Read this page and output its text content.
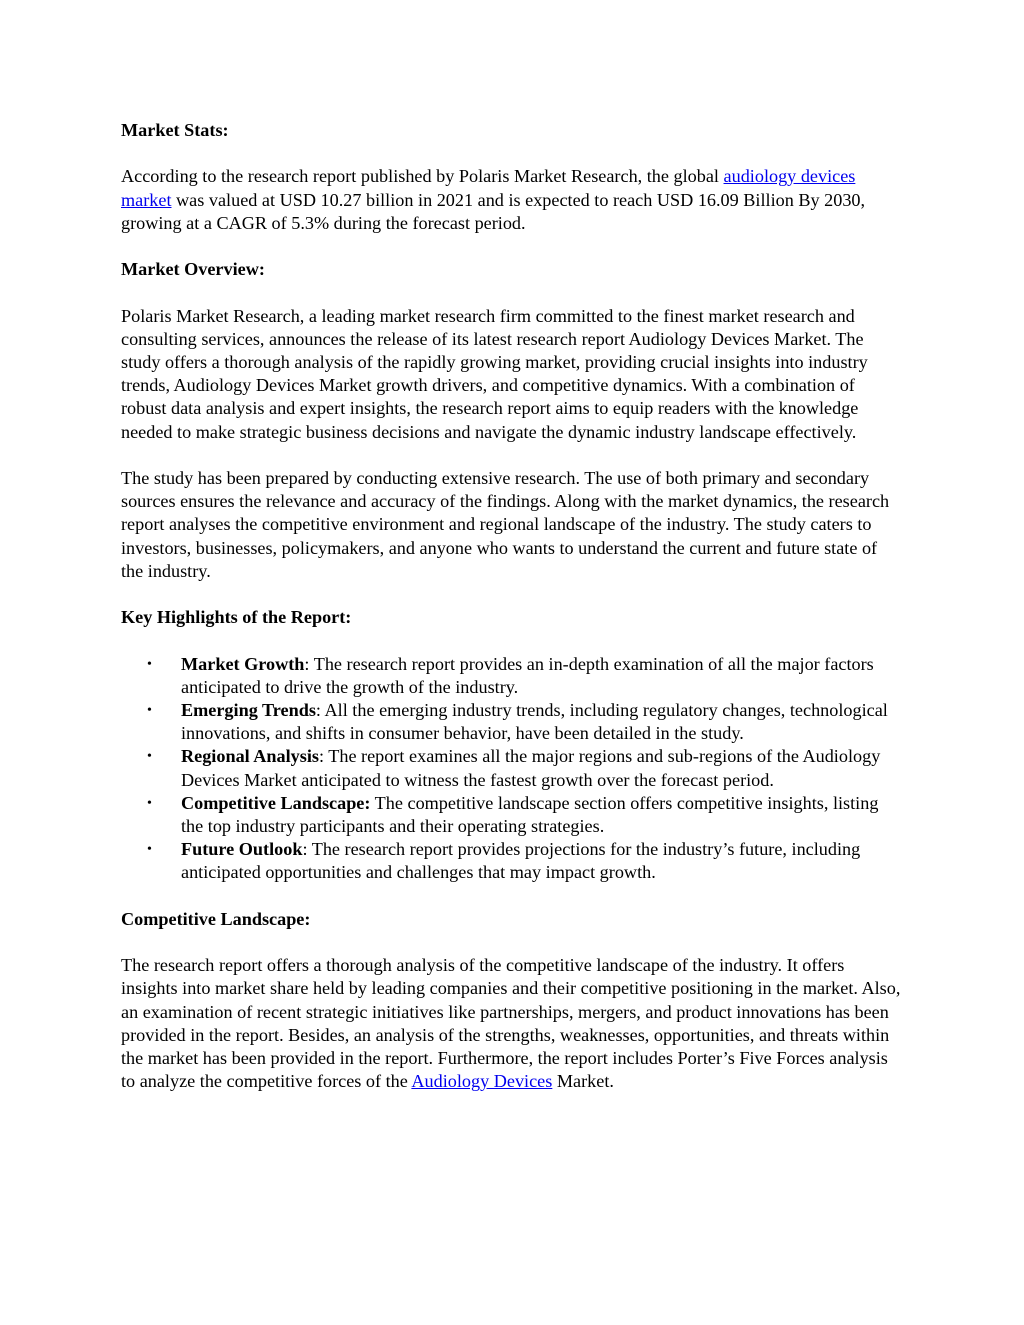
Market Stats:

According to the research report published by Polaris Market Research, the global audiology devices market was valued at USD 10.27 billion in 2021 and is expected to reach USD 16.09 Billion By 2030, growing at a CAGR of 5.3% during the forecast period.

Market Overview:

Polaris Market Research, a leading market research firm committed to the finest market research and consulting services, announces the release of its latest research report Audiology Devices Market. The study offers a thorough analysis of the rapidly growing market, providing crucial insights into industry trends, Audiology Devices Market growth drivers, and competitive dynamics. With a combination of robust data analysis and expert insights, the research report aims to equip readers with the knowledge needed to make strategic business decisions and navigate the dynamic industry landscape effectively.

The study has been prepared by conducting extensive research. The use of both primary and secondary sources ensures the relevance and accuracy of the findings. Along with the market dynamics, the research report analyses the competitive environment and regional landscape of the industry. The study caters to investors, businesses, policymakers, and anyone who wants to understand the current and future state of the industry.

Key Highlights of the Report:
• Market Growth: The research report provides an in-depth examination of all the major factors anticipated to drive the growth of the industry.
• Emerging Trends: All the emerging industry trends, including regulatory changes, technological innovations, and shifts in consumer behavior, have been detailed in the study.
• Regional Analysis: The report examines all the major regions and sub-regions of the Audiology Devices Market anticipated to witness the fastest growth over the forecast period.
• Competitive Landscape: The competitive landscape section offers competitive insights, listing the top industry participants and their operating strategies.
• Future Outlook: The research report provides projections for the industry’s future, including anticipated opportunities and challenges that may impact growth.
Competitive Landscape:

The research report offers a thorough analysis of the competitive landscape of the industry. It offers insights into market share held by leading companies and their competitive positioning in the market. Also, an examination of recent strategic initiatives like partnerships, mergers, and product innovations has been provided in the report. Besides, an analysis of the strengths, weaknesses, opportunities, and threats within the market has been provided in the report. Furthermore, the report includes Porter’s Five Forces analysis to analyze the competitive forces of the Audiology Devices Market.
